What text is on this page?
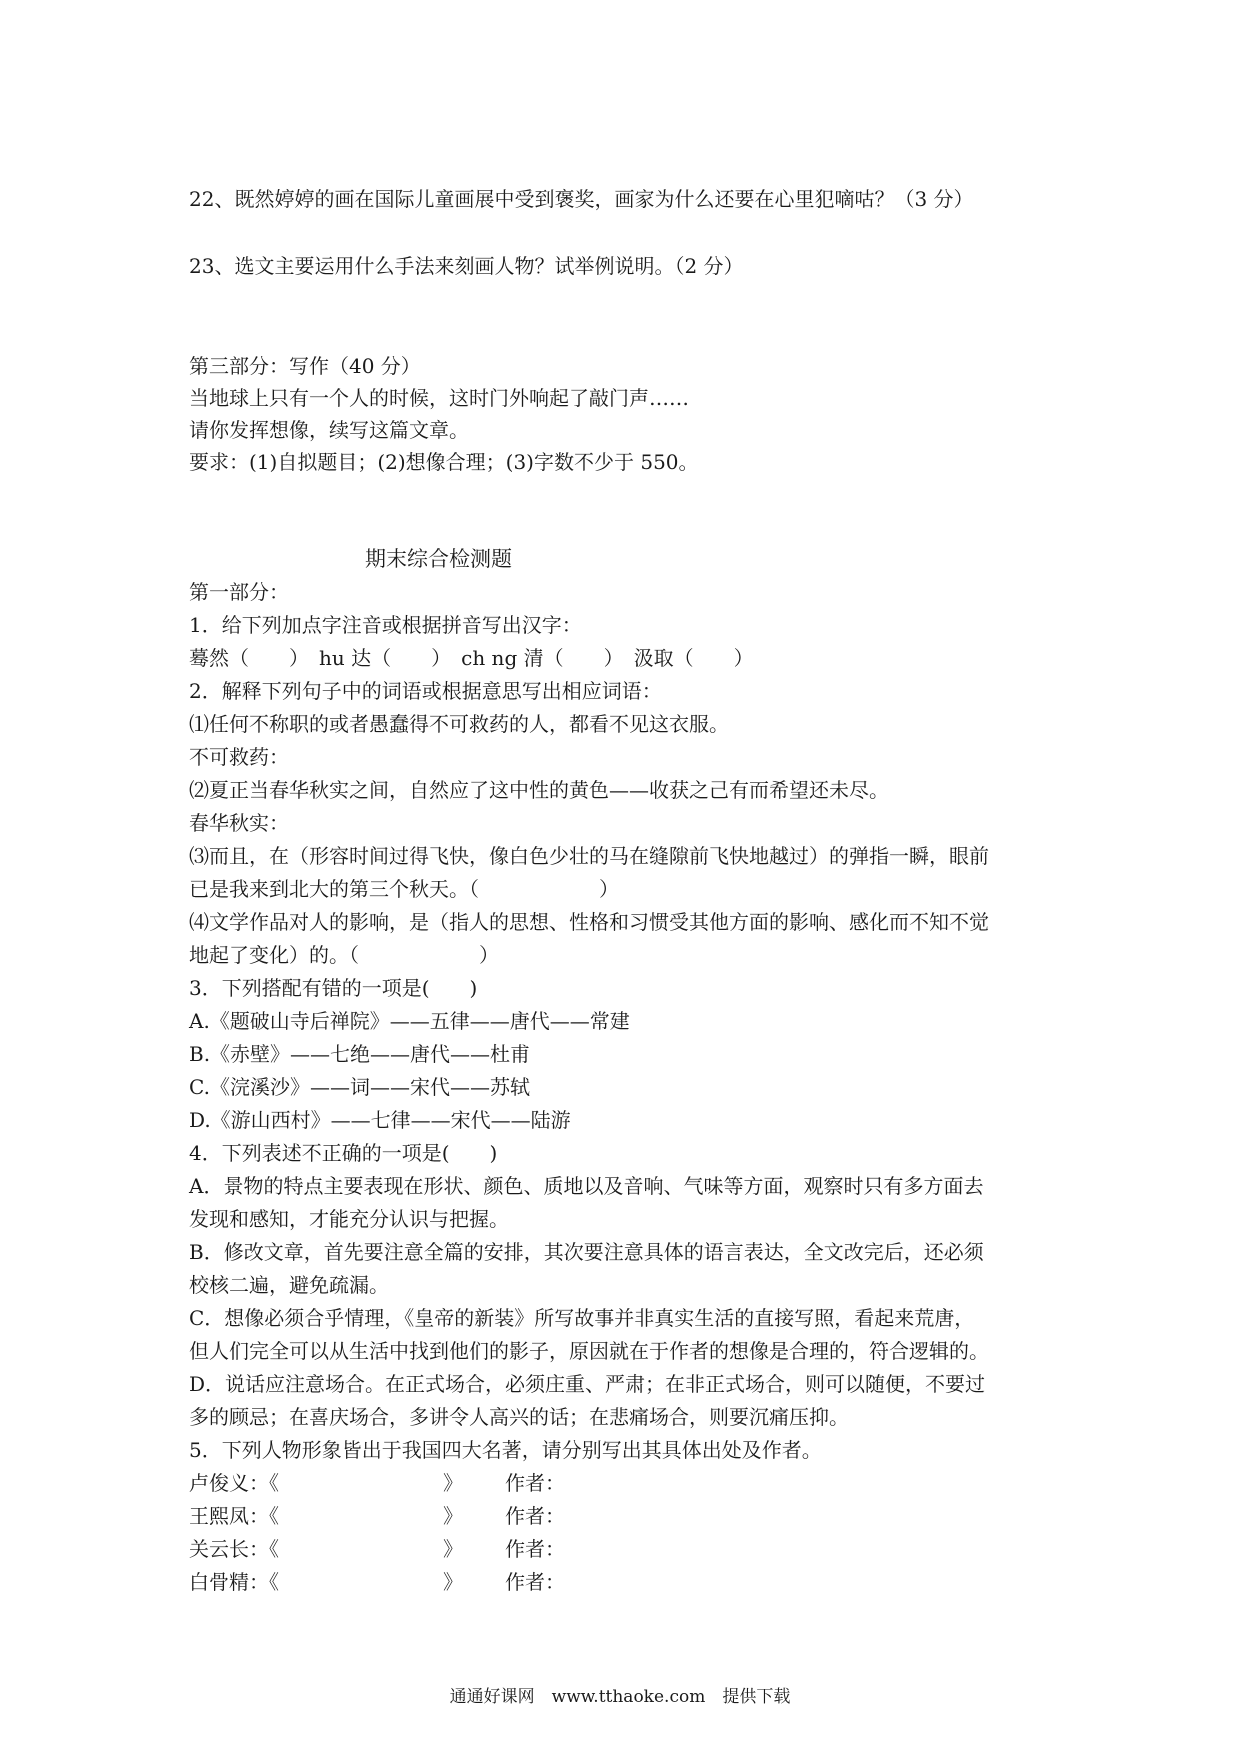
22、既然婷婷的画在国际儿童画展中受到褒奖，画家为什么还要在心里犯嘀咕？（3 分）
23、选文主要运用什么手法来刻画人物？试举例说明。（2 分）
第三部分：写作（40 分）
当地球上只有一个人的时候，这时门外响起了敲门声……
请你发挥想像，续写这篇文章。
要求：(1)自拟题目；(2)想像合理；(3)字数不少于 550。
期末综合检测题
第一部分：
1．给下列加点字注音或根据拼音写出汉字：
蓦然（　　）　hu 达（　　）　ch ng 清（　　）　汲取（　　）
2．解释下列句子中的词语或根据意思写出相应词语：
⑴任何不称职的或者愚蠢得不可救药的人，都看不见这衣服。
不可救药：
⑵夏正当春华秋实之间，自然应了这中性的黄色——收获之己有而希望还未尽。
春华秋实：
⑶而且，在（形容时间过得飞快，像白色少壮的马在缝隙前飞快地越过）的弹指一瞬，眼前
已是我来到北大的第三个秋天。（　　　　　　）
⑷文学作品对人的影响，是（指人的思想、性格和习惯受其他方面的影响、感化而不知不觉
地起了变化）的。（　　　　　　）
3．下列搭配有错的一项是(　　)
A.《题破山寺后禅院》——五律——唐代——常建
B.《赤壁》——七绝——唐代——杜甫
C.《浣溪沙》——词——宋代——苏轼
D.《游山西村》——七律——宋代——陆游
4．下列表述不正确的一项是(　　)
A．景物的特点主要表现在形状、颜色、质地以及音响、气味等方面，观察时只有多方面去
发现和感知，才能充分认识与把握。
B．修改文章，首先要注意全篇的安排，其次要注意具体的语言表达，全文改完后，还必须
校核二遍，避免疏漏。
C．想像必须合乎情理，《皇帝的新装》所写故事并非真实生活的直接写照，看起来荒唐，
但人们完全可以从生活中找到他们的影子，原因就在于作者的想像是合理的，符合逻辑的。
D．说话应注意场合。在正式场合，必须庄重、严肃；在非正式场合，则可以随便，不要过
多的顾忌；在喜庆场合，多讲令人高兴的话；在悲痛场合，则要沉痛压抑。
5．下列人物形象皆出于我国四大名著，请分别写出其具体出处及作者。

卢俊义：《

	》

作者：

王熙凤：《

	》

作者：

关云长：《

	》

作者：

白骨精：《

	》

作者：

通通好课网　www.tthaoke.com　提供下载
